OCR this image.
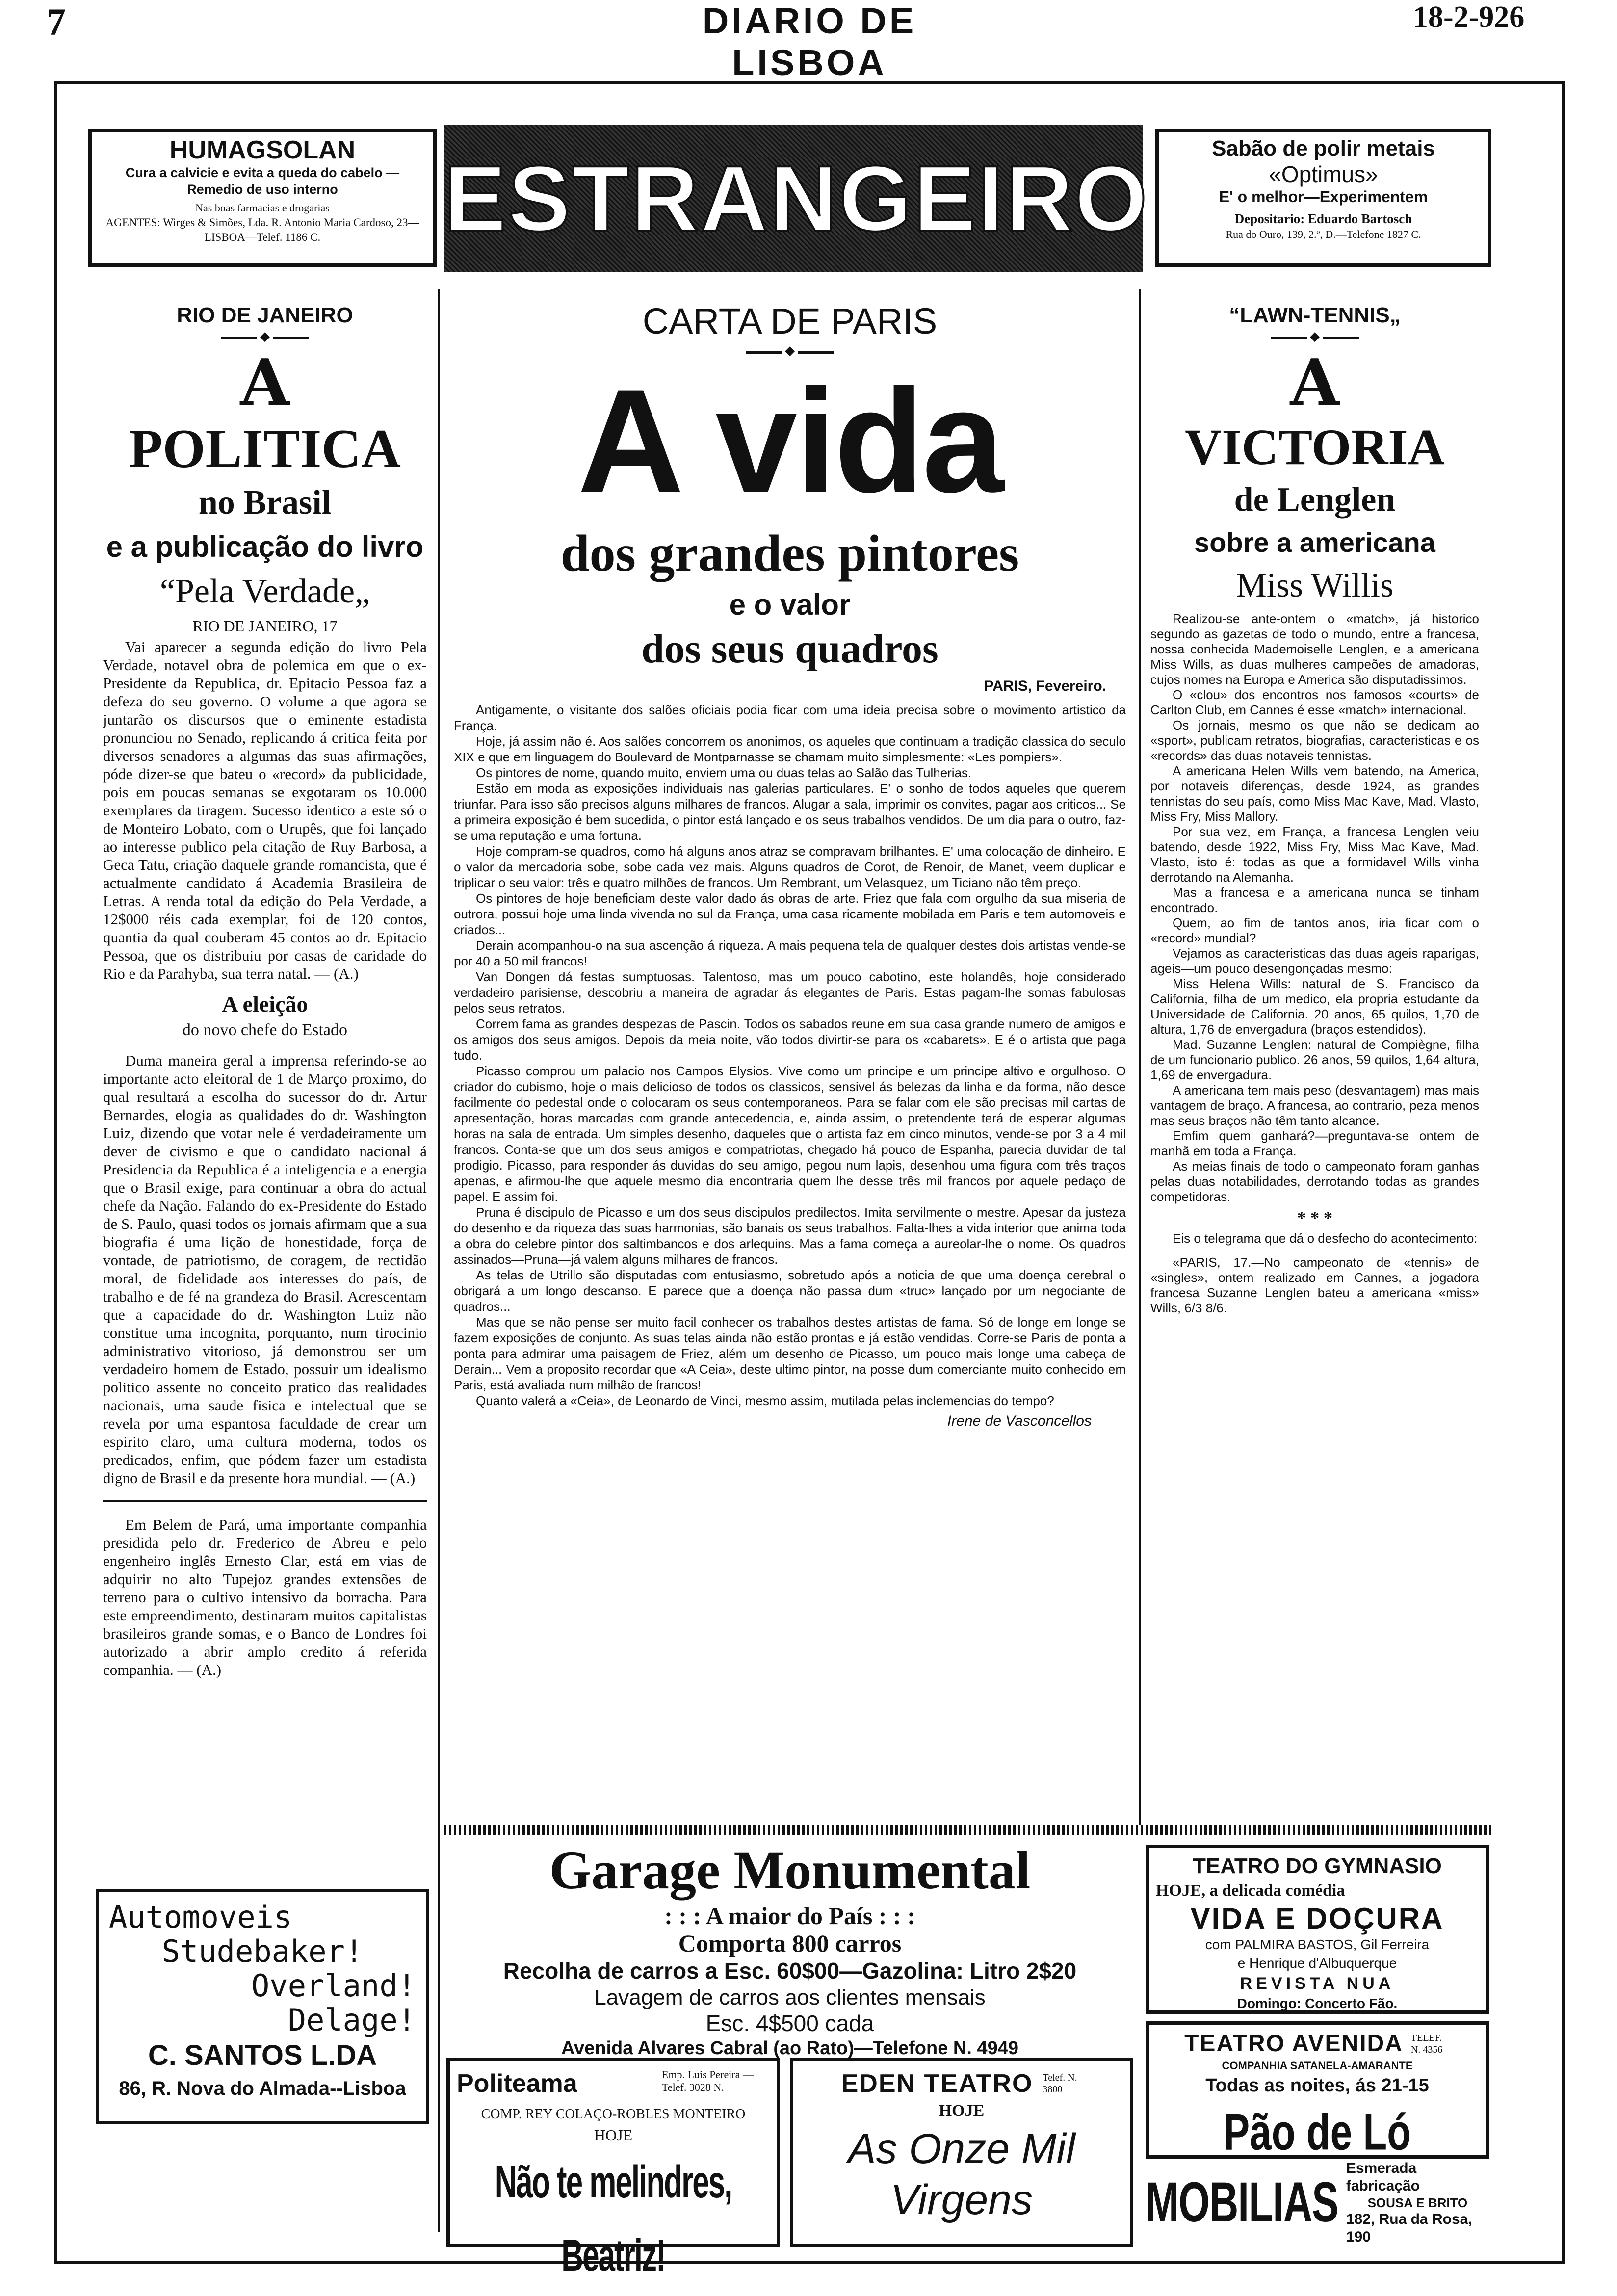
7	DIARIO DE LISBOA
18-2-926
HUMAGSOLAN
Cura a calvicie e evita a queda do cabelo — Remedio de uso interno
Nas boas farmacias e drogarias
AGENTES: Wirges & Simões, Lda. R. Antonio Maria Cardoso, 23—LISBOA—Telef. 1186 C.	ESTRANGEIRO	Sabão de polir metais
«Optimus»
E' o melhor—Experimentem
Depositario: Eduardo Bartosch
Rua do Ouro, 139, 2.º, D.—Telefone 1827 C.
RIO DE JANEIRO
◆
A
POLITICA
no Brasil
e a publicação do livro
“Pela Verdade„
RIO DE JANEIRO, 17

Vai aparecer a segunda edição do livro Pela Verdade, notavel obra de polemica em que o ex-Presidente da Republica, dr. Epitacio Pessoa faz a defeza do seu governo. O volume a que agora se juntarão os discursos que o eminente estadista pronunciou no Senado, replicando á critica feita por diversos senadores a algumas das suas afirmações, póde dizer-se que bateu o «record» da publicidade, pois em poucas semanas se exgotaram os 10.000 exemplares da tiragem. Sucesso identico a este só o de Monteiro Lobato, com o Urupês, que foi lançado ao interesse publico pela citação de Ruy Barbosa, a Geca Tatu, criação daquele grande romancista, que é actualmente candidato á Academia Brasileira de Letras. A renda total da edição do Pela Verdade, a 12$000 réis cada exemplar, foi de 120 contos, quantia da qual couberam 45 contos ao dr. Epitacio Pessoa, que os distribuiu por casas de caridade do Rio e da Parahyba, sua terra natal. — (A.)

A eleição
do novo chefe do Estado

Duma maneira geral a imprensa referindo-se ao importante acto eleitoral de 1 de Março proximo, do qual resultará a escolha do sucessor do dr. Artur Bernardes, elogia as qualidades do dr. Washington Luiz, dizendo que votar nele é verdadeiramente um dever de civismo e que o candidato nacional á Presidencia da Republica é a inteligencia e a energia que o Brasil exige, para continuar a obra do actual chefe da Nação. Falando do ex-Presidente do Estado de S. Paulo, quasi todos os jornais afirmam que a sua biografia é uma lição de honestidade, força de vontade, de patriotismo, de coragem, de rectidão moral, de fidelidade aos interesses do país, de trabalho e de fé na grandeza do Brasil. Acrescentam que a capacidade do dr. Washington Luiz não constitue uma incognita, porquanto, num tirocinio administrativo vitorioso, já demonstrou ser um verdadeiro homem de Estado, possuir um idealismo politico assente no conceito pratico das realidades nacionais, uma saude fisica e intelectual que se revela por uma espantosa faculdade de crear um espirito claro, uma cultura moderna, todos os predicados, enfim, que pódem fazer um estadista digno de Brasil e da presente hora mundial. — (A.)

Em Belem de Pará, uma importante companhia presidida pelo dr. Frederico de Abreu e pelo engenheiro inglês Ernesto Clar, está em vias de adquirir no alto Tupejoz grandes extensões de terreno para o cultivo intensivo da borracha. Para este empreendimento, destinaram muitos capitalistas brasileiros grande somas, e o Banco de Londres foi autorizado a abrir amplo credito á referida companhia. — (A.)

CARTA DE PARIS
◆
A vida
dos grandes pintores
e o valor
dos seus quadros
PARIS, Fevereiro.

Antigamente, o visitante dos salões oficiais podia ficar com uma ideia precisa sobre o movimento artistico da França.

Hoje, já assim não é. Aos salões concorrem os anonimos, os aqueles que continuam a tradição classica do seculo XIX e que em linguagem do Boulevard de Montparnasse se chamam muito simplesmente: «Les pompiers».

Os pintores de nome, quando muito, enviem uma ou duas telas ao Salão das Tulherias.

Estão em moda as exposições individuais nas galerias particulares. E' o sonho de todos aqueles que querem triunfar. Para isso são precisos alguns milhares de francos. Alugar a sala, imprimir os convites, pagar aos criticos... Se a primeira exposição é bem sucedida, o pintor está lançado e os seus trabalhos vendidos. De um dia para o outro, faz-se uma reputação e uma fortuna.

Hoje compram-se quadros, como há alguns anos atraz se compravam brilhantes. E' uma colocação de dinheiro. E o valor da mercadoria sobe, sobe cada vez mais. Alguns quadros de Corot, de Renoir, de Manet, veem duplicar e triplicar o seu valor: três e quatro milhões de francos. Um Rembrant, um Velasquez, um Ticiano não têm preço.

Os pintores de hoje beneficiam deste valor dado ás obras de arte. Friez que fala com orgulho da sua miseria de outrora, possui hoje uma linda vivenda no sul da França, uma casa ricamente mobilada em Paris e tem automoveis e criados...

Derain acompanhou-o na sua ascenção á riqueza. A mais pequena tela de qualquer destes dois artistas vende-se por 40 a 50 mil francos!

Van Dongen dá festas sumptuosas. Talentoso, mas um pouco cabotino, este holandês, hoje considerado verdadeiro parisiense, descobriu a maneira de agradar ás elegantes de Paris. Estas pagam-lhe somas fabulosas pelos seus retratos.

Correm fama as grandes despezas de Pascin. Todos os sabados reune em sua casa grande numero de amigos e os amigos dos seus amigos. Depois da meia noite, vão todos divirtir-se para os «cabarets». E é o artista que paga tudo.

Picasso comprou um palacio nos Campos Elysios. Vive como um principe e um principe altivo e orgulhoso. O criador do cubismo, hoje o mais delicioso de todos os classicos, sensivel ás belezas da linha e da forma, não desce facilmente do pedestal onde o colocaram os seus contemporaneos. Para se falar com ele são precisas mil cartas de apresentação, horas marcadas com grande antecedencia, e, ainda assim, o pretendente terá de esperar algumas horas na sala de entrada. Um simples desenho, daqueles que o artista faz em cinco minutos, vende-se por 3 a 4 mil francos. Conta-se que um dos seus amigos e compatriotas, chegado há pouco de Espanha, parecia duvidar de tal prodigio. Picasso, para responder ás duvidas do seu amigo, pegou num lapis, desenhou uma figura com três traços apenas, e afirmou-lhe que aquele mesmo dia encontraria quem lhe desse três mil francos por aquele pedaço de papel. E assim foi.

Pruna é discipulo de Picasso e um dos seus discipulos predilectos. Imita servilmente o mestre. Apesar da justeza do desenho e da riqueza das suas harmonias, são banais os seus trabalhos. Falta-lhes a vida interior que anima toda a obra do celebre pintor dos saltimbancos e dos arlequins. Mas a fama começa a aureolar-lhe o nome. Os quadros assinados—Pruna—já valem alguns milhares de francos.

As telas de Utrillo são disputadas com entusiasmo, sobretudo após a noticia de que uma doença cerebral o obrigará a um longo descanso. E parece que a doença não passa dum «truc» lançado por um negociante de quadros...

Mas que se não pense ser muito facil conhecer os trabalhos destes artistas de fama. Só de longe em longe se fazem exposições de conjunto. As suas telas ainda não estão prontas e já estão vendidas. Corre-se Paris de ponta a ponta para admirar uma paisagem de Friez, além um desenho de Picasso, um pouco mais longe uma cabeça de Derain... Vem a proposito recordar que «A Ceia», deste ultimo pintor, na posse dum comerciante muito conhecido em Paris, está avaliada num milhão de francos!

Quanto valerá a «Ceia», de Leonardo de Vinci, mesmo assim, mutilada pelas inclemencias do tempo?

Irene de Vasconcellos
“LAWN-TENNIS„
◆
A
VICTORIA
de Lenglen
sobre a americana
Miss Willis

Realizou-se ante-ontem o «match», já historico segundo as gazetas de todo o mundo, entre a francesa, nossa conhecida Mademoiselle Lenglen, e a americana Miss Wills, as duas mulheres campeões de amadoras, cujos nomes na Europa e America são disputadissimos.

O «clou» dos encontros nos famosos «courts» de Carlton Club, em Cannes é esse «match» internacional.

Os jornais, mesmo os que não se dedicam ao «sport», publicam retratos, biografias, caracteristicas e os «records» das duas notaveis tennistas.

A americana Helen Wills vem batendo, na America, por notaveis diferenças, desde 1924, as grandes tennistas do seu país, como Miss Mac Kave, Mad. Vlasto, Miss Fry, Miss Mallory.

Por sua vez, em França, a francesa Lenglen veiu batendo, desde 1922, Miss Fry, Miss Mac Kave, Mad. Vlasto, isto é: todas as que a formidavel Wills vinha derrotando na Alemanha.

Mas a francesa e a americana nunca se tinham encontrado.

Quem, ao fim de tantos anos, iria ficar com o «record» mundial?

Vejamos as caracteristicas das duas ageis raparigas, ageis—um pouco desengonçadas mesmo:

Miss Helena Wills: natural de S. Francisco da California, filha de um medico, ela propria estudante da Universidade de California. 20 anos, 65 quilos, 1,70 de altura, 1,76 de envergadura (braços estendidos).

Mad. Suzanne Lenglen: natural de Compiègne, filha de um funcionario publico. 26 anos, 59 quilos, 1,64 altura, 1,69 de envergadura.

A americana tem mais peso (desvantagem) mas mais vantagem de braço. A francesa, ao contrario, peza menos mas seus braços não têm tanto alcance.

Emfim quem ganhará?—preguntava-se ontem de manhã em toda a França.

As meias finais de todo o campeonato foram ganhas pelas duas notabilidades, derrotando todas as grandes competidoras.

* * *

Eis o telegrama que dá o desfecho do acontecimento:

«PARIS, 17.—No campeonato de «tennis» de «singles», ontem realizado em Cannes, a jogadora francesa Suzanne Lenglen bateu a americana «miss» Wills, 6/3 8/6.

Automoveis
Studebaker!
Overland!
Delage!
C. SANTOS L.DA
86, R. Nova do Almada--Lisboa
Garage Monumental
: : : A maior do País : : :
Comporta 800 carros
Recolha de carros a Esc. 60$00—Gazolina: Litro 2$20
Lavagem de carros aos clientes mensais
Esc. 4$500 cada
Avenida Alvares Cabral (ao Rato)—Telefone N. 4949
Politeama	Emp. Luis Pereira — Telef. 3028 N.
COMP. REY COLAÇO-ROBLES MONTEIRO
HOJE
Não te melindres, Beatriz!
EDEN TEATRO Telef. N. 3800
HOJE
As Onze Mil
Virgens
TEATRO DO GYMNASIO
HOJE, a delicada comédia
VIDA E DOÇURA
com PALMIRA BASTOS, Gil Ferreira
e Henrique d'Albuquerque
REVISTA NUA
Domingo: Concerto Fão.
TEATRO AVENIDA TELEF. N. 4356
COMPANHIA SATANELA-AMARANTE
Todas as noites, ás 21-15
Pão de Ló
MOBILIAS
Esmerada fabricação
SOUSA E BRITO
182, Rua da Rosa, 190
